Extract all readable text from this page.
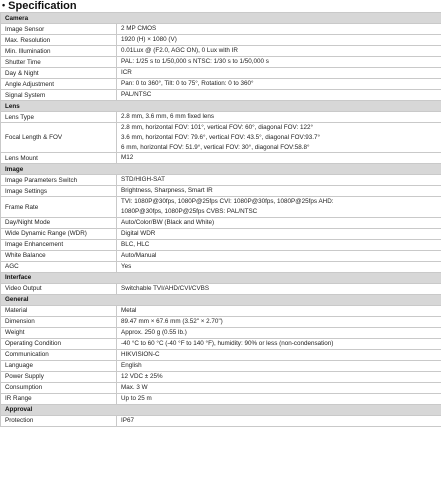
• Specification
Camera	
Image Sensor	2 MP CMOS

Max. Resolution	1920 (H) × 1080 (V)

Min. Illumination	0.01Lux @ (F2.0, AGC ON), 0 Lux with IR

Shutter Time	PAL: 1/25 s to 1/50,000 s NTSC: 1/30 s to 1/50,000 s

Day & Night	ICR

Angle Adjustment	Pan: 0 to 360°, Tilt: 0 to 75°, Rotation: 0 to 360°

Signal System	PAL/NTSC

Lens	
Lens Type	2.8 mm, 3.6 mm, 6 mm fixed lens

Focal Length & FOV	2.8 mm, horizontal FOV: 101°, vertical FOV: 60°, diagonal FOV: 122°
3.6 mm, horizontal FOV: 79.6°, vertical FOV: 43.5°, diagonal FOV:93.7°
6 mm, horizontal FOV: 51.9°, vertical FOV: 30°, diagonal FOV:58.8°

Lens Mount	M12

Image	
Image Parameters Switch	STD/HIGH-SAT

Image Settings	Brightness, Sharpness, Smart IR

Frame Rate	TVI: 1080P@30fps, 1080P@25fps CVI: 1080P@30fps, 1080P@25fps AHD:
1080P@30fps, 1080P@25fps CVBS: PAL/NTSC

Day/Night Mode	Auto/Color/BW (Black and White)

Wide Dynamic Range (WDR)	Digital WDR

Image Enhancement	BLC, HLC

White Balance	Auto/Manual

AGC	Yes

Interface	
Video Output	Switchable TVI/AHD/CVI/CVBS

General	
Material	Metal

Dimension	89.47 mm × 67.6 mm (3.52" × 2.70")

Weight	Approx. 250 g (0.55 lb.)

Operating Condition	-40 °C to 60 °C (-40 °F to 140 °F), humidity: 90% or less (non-condensation)

Communication	HIKVISION-C

Language	English

Power Supply	12 VDC ± 25%

Consumption	Max. 3 W

IR Range	Up to 25 m

Approval	
Protection	IP67
